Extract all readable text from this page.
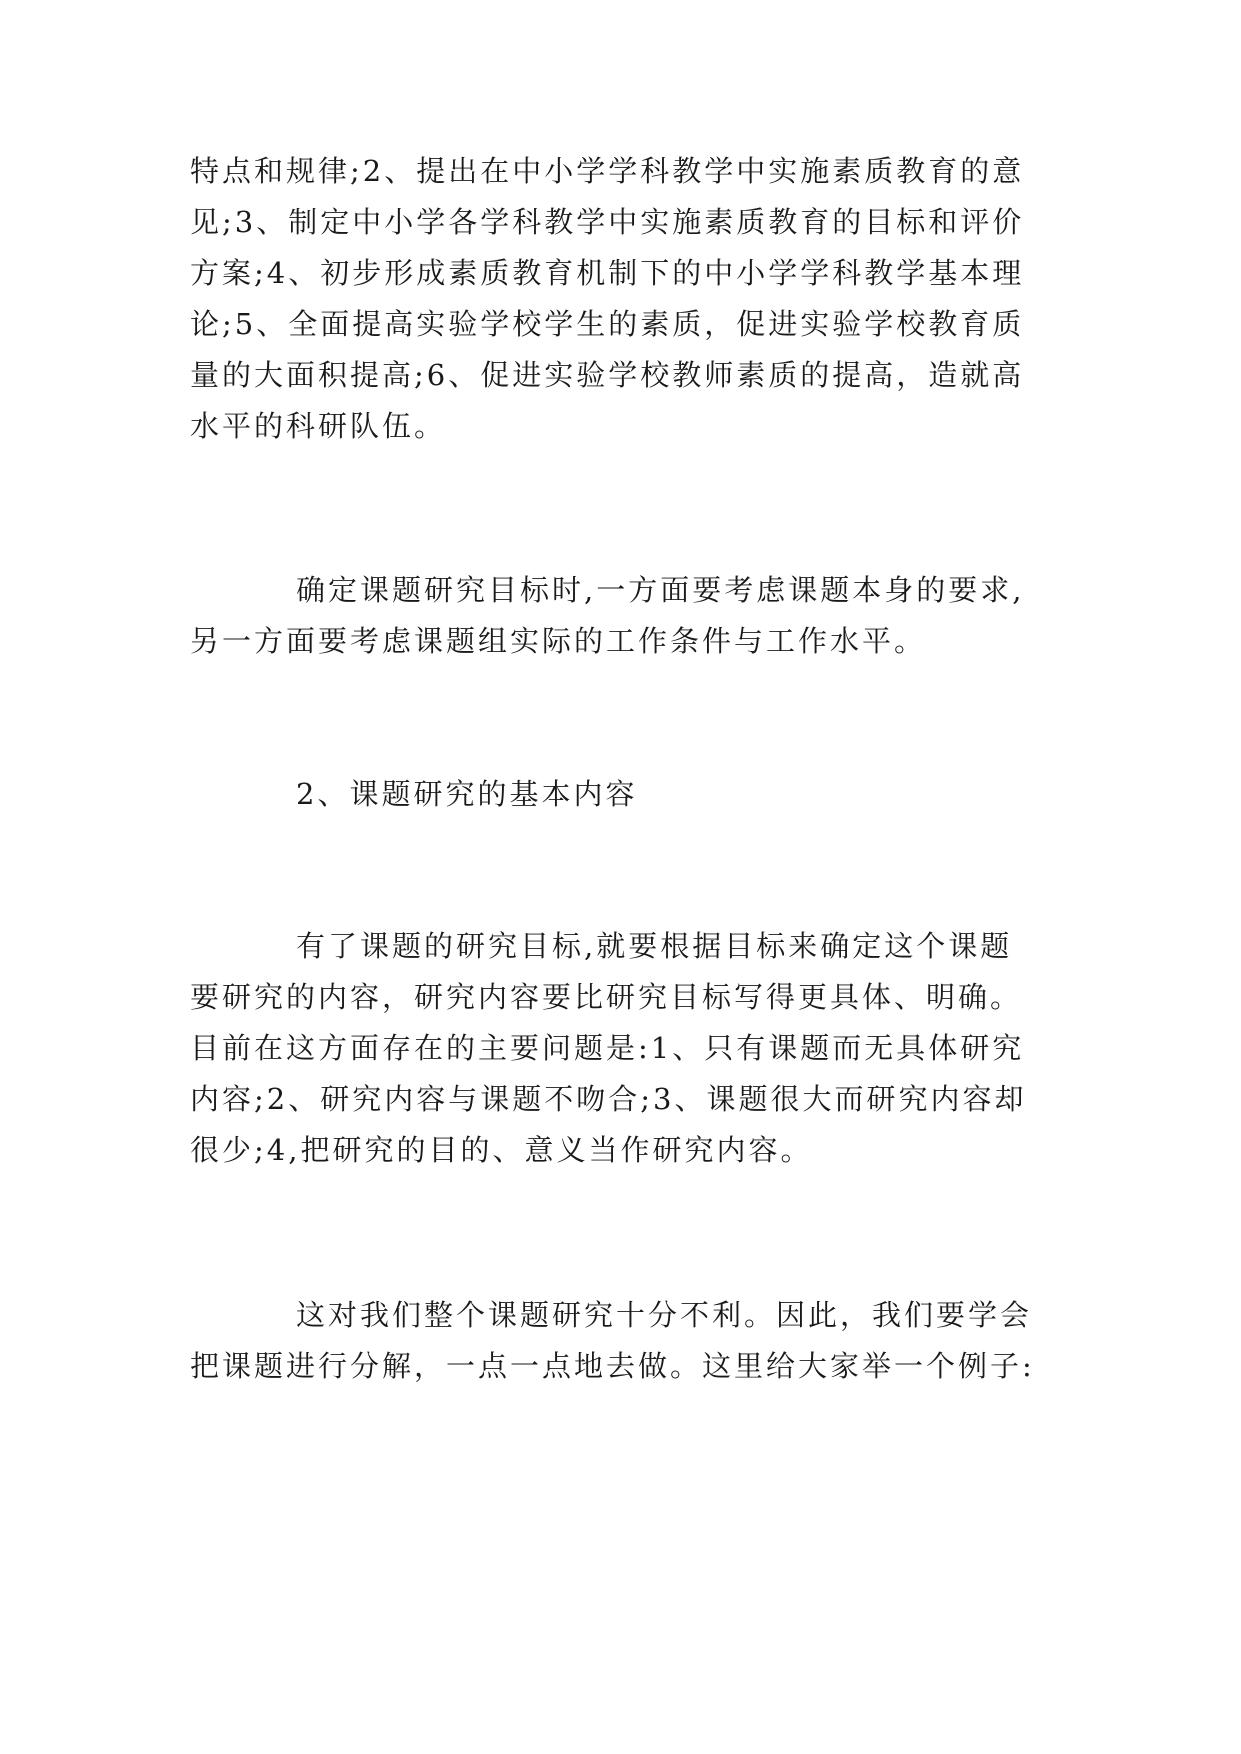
特点和规律;2、提出在中小学学科教学中实施素质教育的意
见;3、制定中小学各学科教学中实施素质教育的目标和评价
方案;4、初步形成素质教育机制下的中小学学科教学基本理
论;5、全面提高实验学校学生的素质，促进实验学校教育质
量的大面积提高;6、促进实验学校教师素质的提高，造就高
水平的科研队伍。
确定课题研究目标时,一方面要考虑课题本身的要求,
另一方面要考虑课题组实际的工作条件与工作水平。
2、课题研究的基本内容
有了课题的研究目标,就要根据目标来确定这个课题
要研究的内容，研究内容要比研究目标写得更具体、明确。
目前在这方面存在的主要问题是:1、只有课题而无具体研究
内容;2、研究内容与课题不吻合;3、课题很大而研究内容却
很少;4,把研究的目的、意义当作研究内容。
这对我们整个课题研究十分不利。因此，我们要学会
把课题进行分解，一点一点地去做。这里给大家举一个例子:
